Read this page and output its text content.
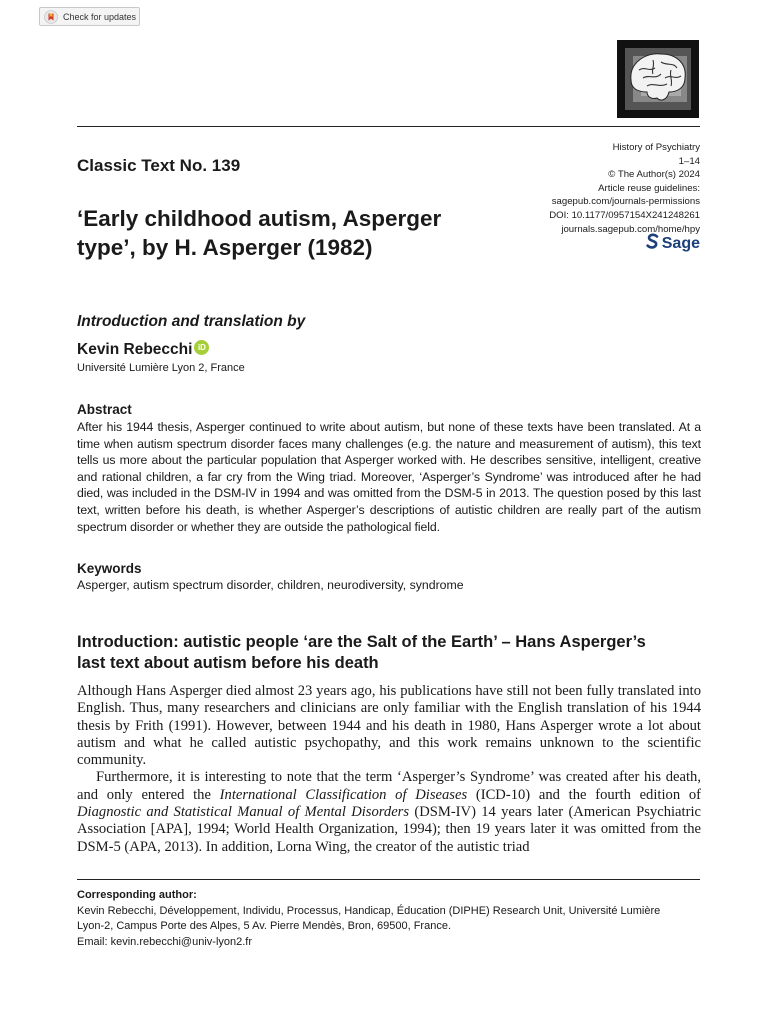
Check for updates
History of Psychiatry
1–14
© The Author(s) 2024
Article reuse guidelines:
sagepub.com/journals-permissions
DOI: 10.1177/0957154X241248261
journals.sagepub.com/home/hpy
Sage
Classic Text No. 139
‘Early childhood autism, Asperger
type’, by H. Asperger (1982)
Introduction and translation by
Kevin Rebecchi iD
Université Lumière Lyon 2, France
Abstract
After his 1944 thesis, Asperger continued to write about autism, but none of these texts have been translated. At a time when autism spectrum disorder faces many challenges (e.g. the nature and measurement of autism), this text tells us more about the particular population that Asperger worked with. He describes sensitive, intelligent, creative and rational children, a far cry from the Wing triad. Moreover, ‘Asperger’s Syndrome’ was introduced after he had died, was included in the DSM-IV in 1994 and was omitted from the DSM-5 in 2013. The question posed by this last text, written before his death, is whether Asperger’s descriptions of autistic children are really part of the autism spectrum disorder or whether they are outside the pathological field.
Keywords
Asperger, autism spectrum disorder, children, neurodiversity, syndrome
Introduction: autistic people ‘are the Salt of the Earth’ – Hans Asperger’s last text about autism before his death

Although Hans Asperger died almost 23 years ago, his publications have still not been fully translated into English. Thus, many researchers and clinicians are only familiar with the English translation of his 1944 thesis by Frith (1991). However, between 1944 and his death in 1980, Hans Asperger wrote a lot about autism and what he called autistic psychopathy, and this work remains unknown to the scientific community.

Furthermore, it is interesting to note that the term ‘Asperger’s Syndrome’ was created after his death, and only entered the International Classification of Diseases (ICD-10) and the fourth edition of Diagnostic and Statistical Manual of Mental Disorders (DSM-IV) 14 years later (American Psychiatric Association [APA], 1994; World Health Organization, 1994); then 19 years later it was omitted from the DSM-5 (APA, 2013). In addition, Lorna Wing, the creator of the autistic triad

Corresponding author:
Kevin Rebecchi, Développement, Individu, Processus, Handicap, Éducation (DIPHE) Research Unit, Université Lumière
Lyon-2, Campus Porte des Alpes, 5 Av. Pierre Mendès, Bron, 69500, France.
Email: kevin.rebecchi@univ-lyon2.fr
